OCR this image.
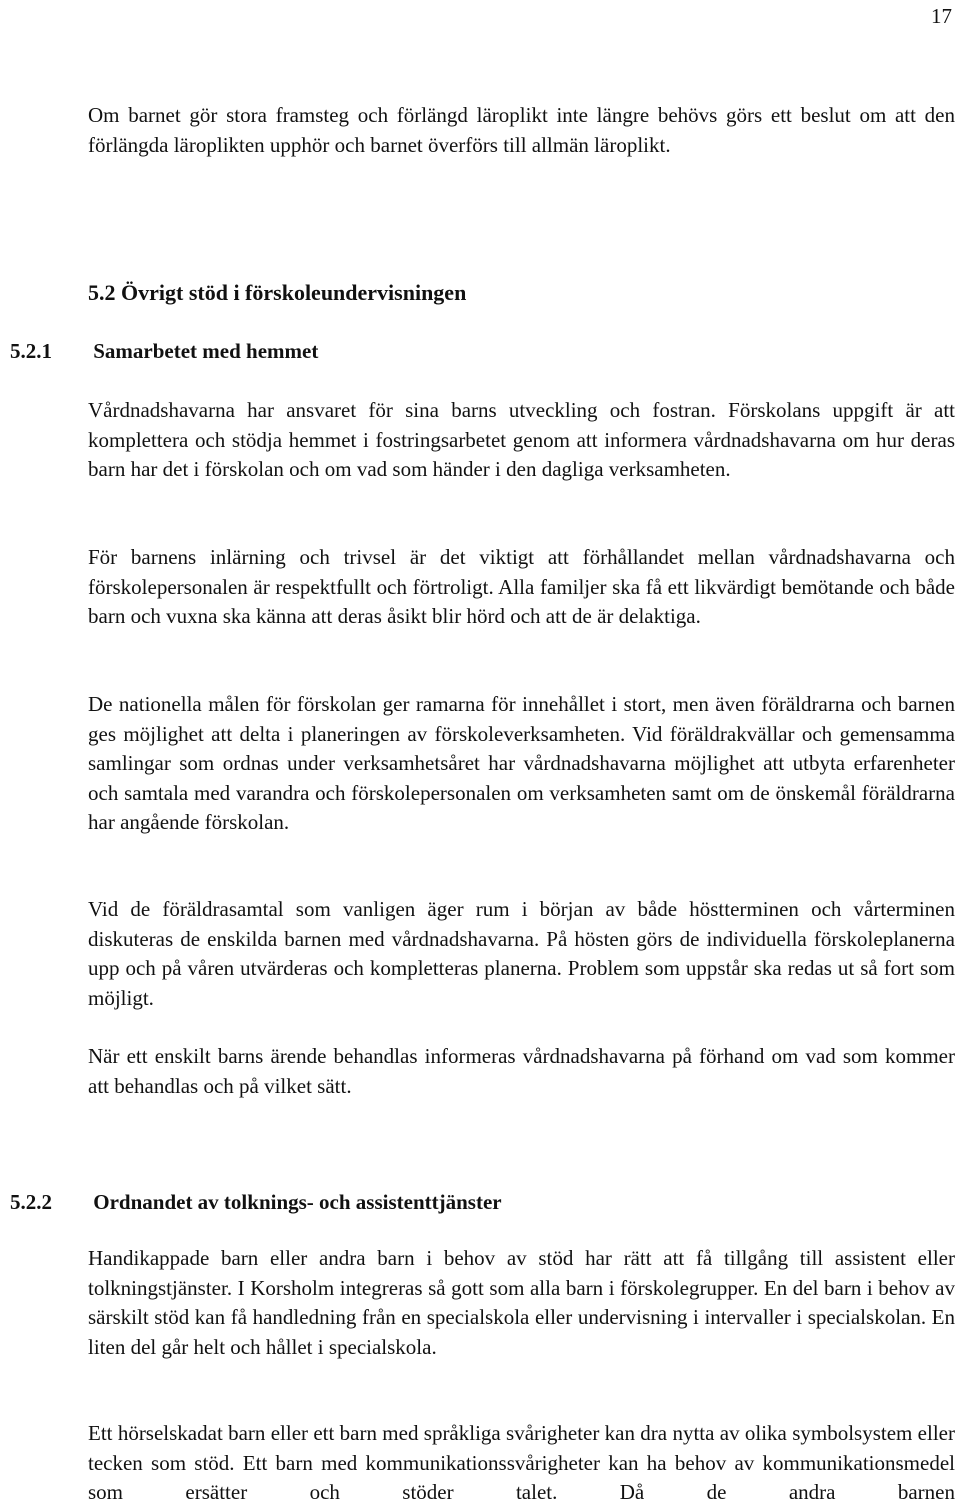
17

Om barnet gör stora framsteg och förlängd läroplikt inte längre behövs görs ett beslut om att den förlängda läroplikten upphör och barnet överförs till allmän läroplikt.

5.2 Övrigt stöd i förskoleundervisningen
5.2.1 Samarbetet med hemmet

Vårdnadshavarna har ansvaret för sina barns utveckling och fostran. Förskolans uppgift är att komplettera och stödja hemmet i fostringsarbetet genom att informera vårdnadshavarna om hur deras barn har det i förskolan och om vad som händer i den dagliga verksamheten.

För barnens inlärning och trivsel är det viktigt att förhållandet mellan vårdnadshavarna och förskolepersonalen är respektfullt och förtroligt. Alla familjer ska få ett likvärdigt bemötande och både barn och vuxna ska känna att deras åsikt blir hörd och att de är delaktiga.

De nationella målen för förskolan ger ramarna för innehållet i stort, men även föräldrarna och barnen ges möjlighet att delta i planeringen av förskoleverksamheten. Vid föräldrakvällar och gemensamma samlingar som ordnas under verksamhetsåret har vårdnadshavarna möjlighet att utbyta erfarenheter och samtala med varandra och förskolepersonalen om verksamheten samt om de önskemål föräldrarna har angående förskolan.

Vid de föräldrasamtal som vanligen äger rum i början av både höstterminen och vårterminen diskuteras de enskilda barnen med vårdnadshavarna. På hösten görs de individuella förskoleplanerna upp och på våren utvärderas och kompletteras planerna. Problem som uppstår ska redas ut så fort som möjligt.

När ett enskilt barns ärende behandlas informeras vårdnadshavarna på förhand om vad som kommer att behandlas och på vilket sätt.

5.2.2 Ordnandet av tolknings- och assistenttjänster

Handikappade barn eller andra barn i behov av stöd har rätt att få tillgång till assistent eller tolkningstjänster. I Korsholm integreras så gott som alla barn i förskolegrupper. En del barn i behov av särskilt stöd kan få handledning från en specialskola eller undervisning i intervaller i specialskolan. En liten del går helt och hållet i specialskola.

Ett hörselskadat barn eller ett barn med språkliga svårigheter kan dra nytta av olika symbolsystem eller tecken som stöd. Ett barn med kommunikationssvårigheter kan ha behov av kommunikationsmedel som ersätter och stöder talet. Då de andra barnen
